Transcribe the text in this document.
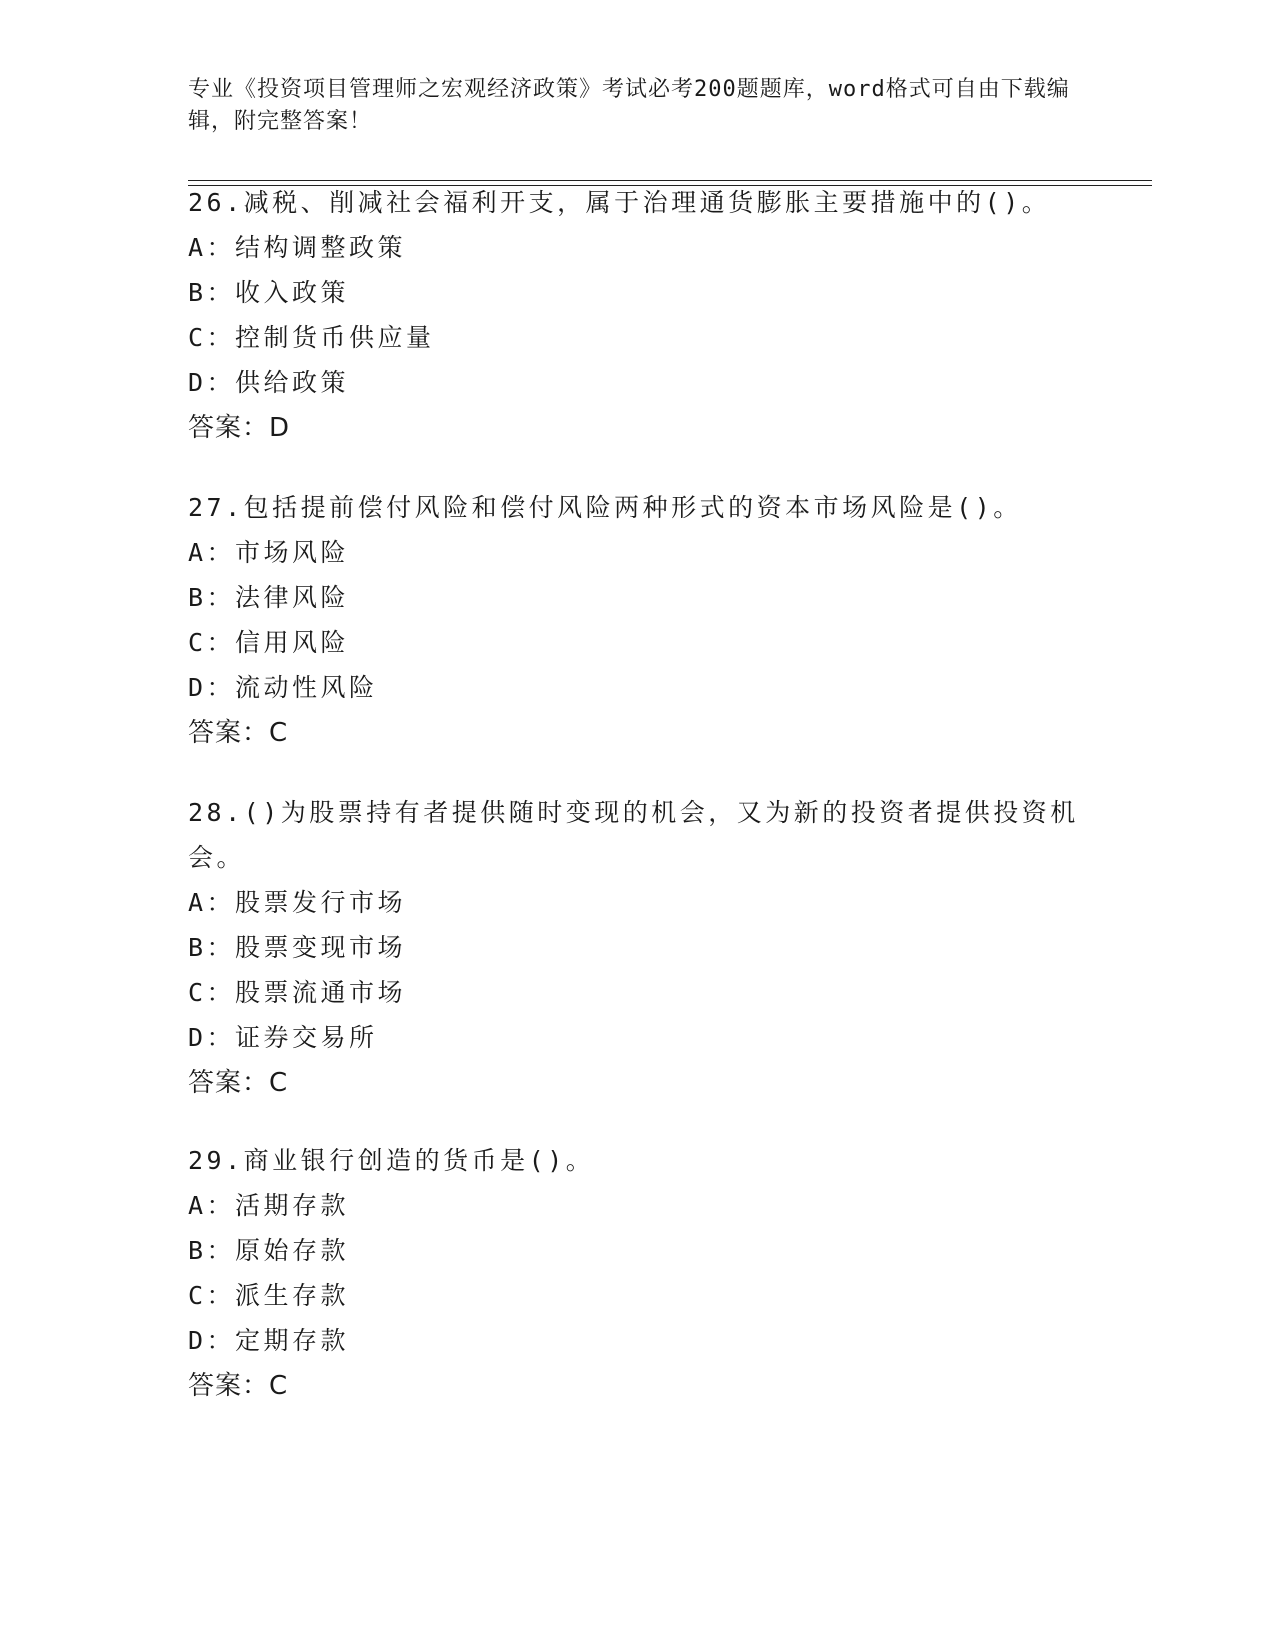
专业《投资项目管理师之宏观经济政策》考试必考200题题库，word格式可自由下载编辑，附完整答案！
26.减税、削减社会福利开支，属于治理通货膨胀主要措施中的()。
A：结构调整政策
B：收入政策
C：控制货币供应量
D：供给政策
答案：D
27.包括提前偿付风险和偿付风险两种形式的资本市场风险是()。
A：市场风险
B：法律风险
C：信用风险
D：流动性风险
答案：C
28.()为股票持有者提供随时变现的机会，又为新的投资者提供投资机会。
A：股票发行市场
B：股票变现市场
C：股票流通市场
D：证券交易所
答案：C
29.商业银行创造的货币是()。
A：活期存款
B：原始存款
C：派生存款
D：定期存款
答案：C
